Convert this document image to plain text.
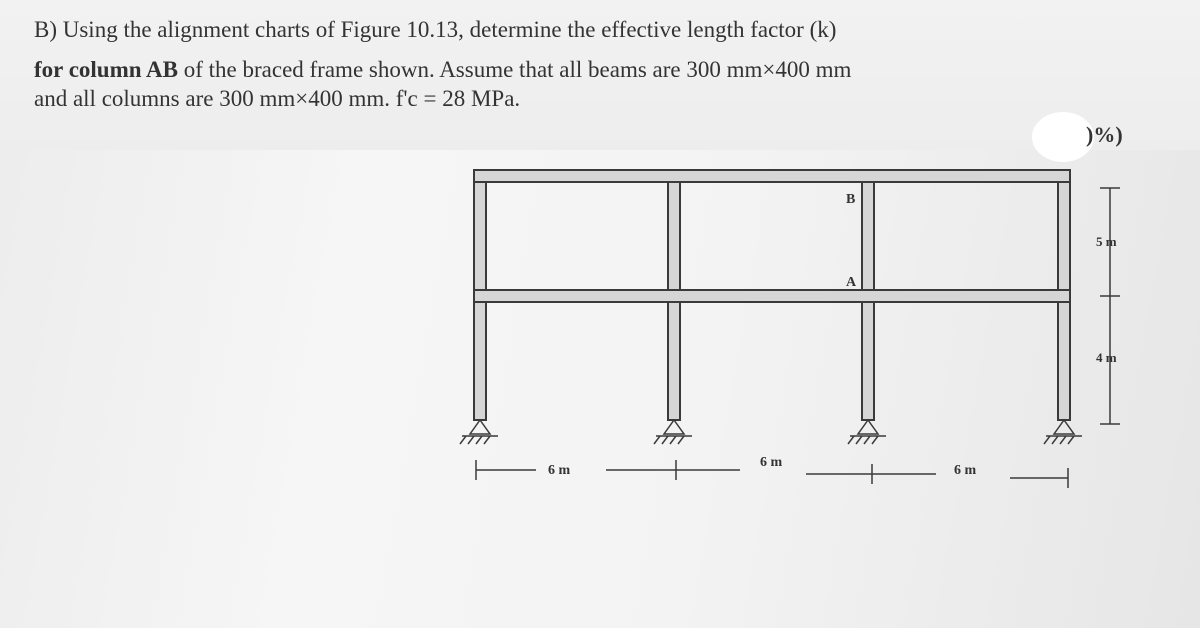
B) Using the alignment charts of Figure 10.13, determine the effective length factor (k)
for column AB of the braced frame shown. Assume that all beams are 300 mm×400 mm
and all columns are 300 mm×400 mm. f'c = 28 MPa.
)%)
B
A
5 m
4 m
6 m
6 m
6 m
